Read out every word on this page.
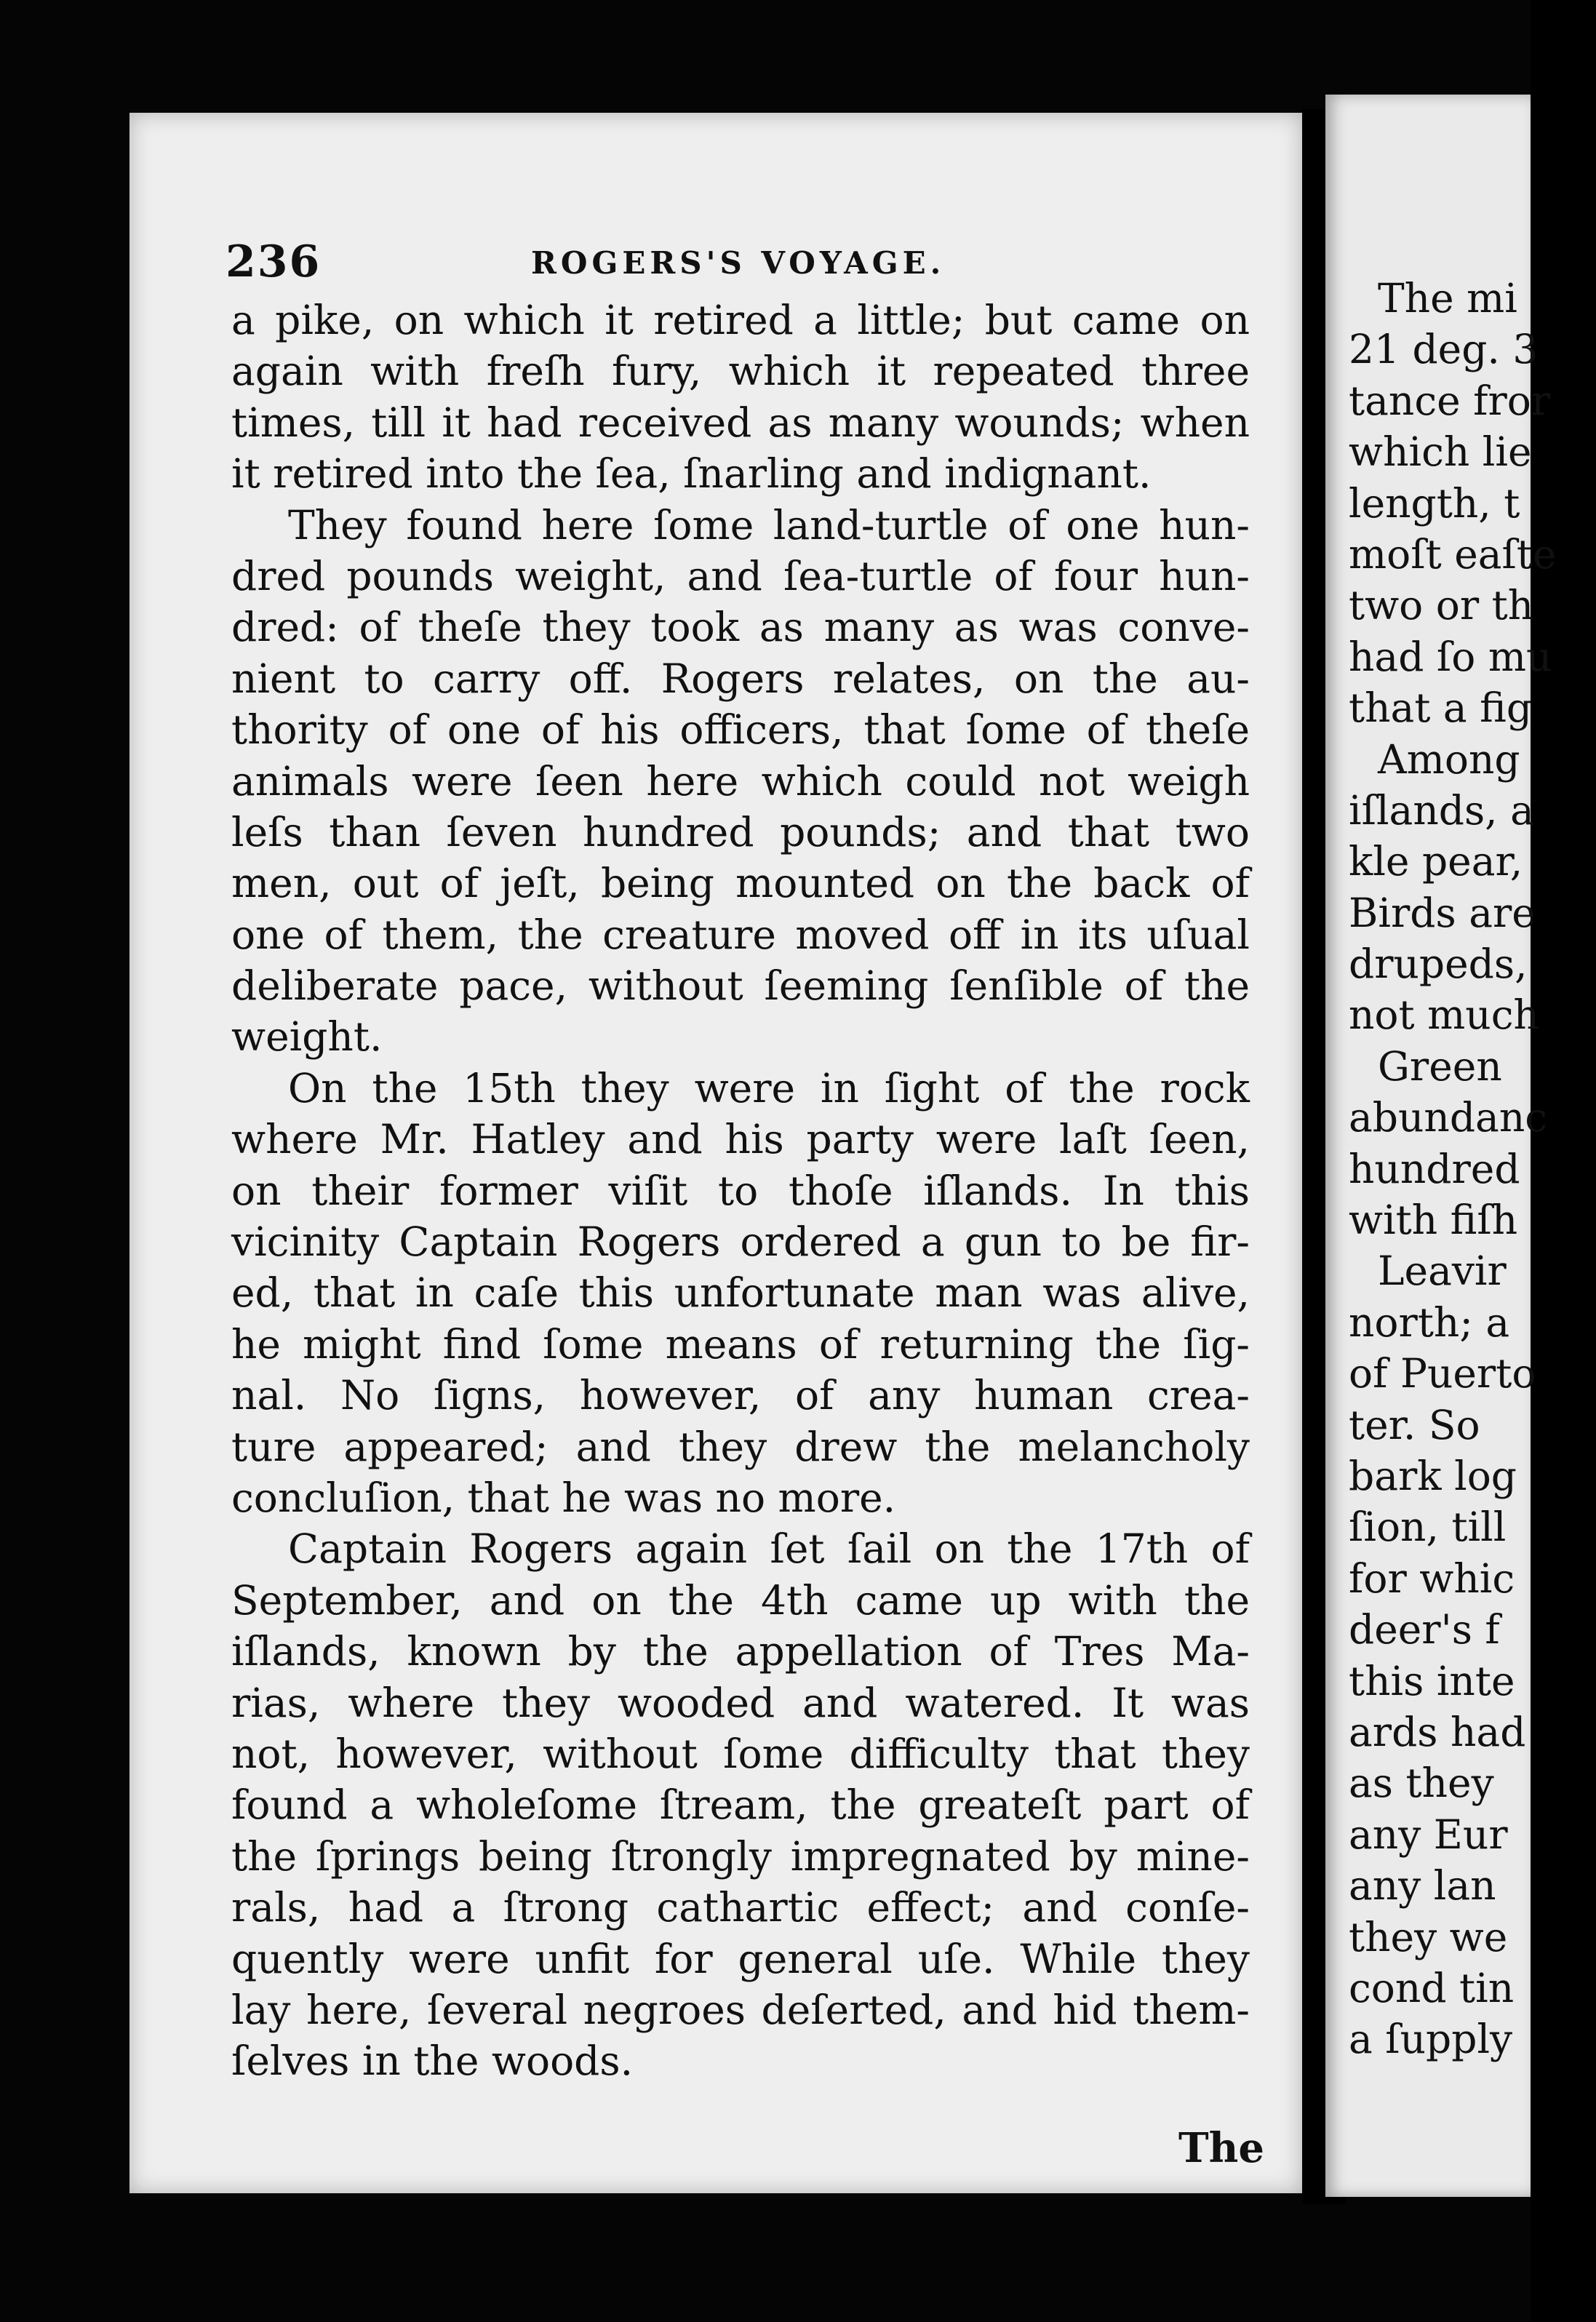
The mi
21 deg. 3
tance fror
which lie
length, t
moſt eaſte
two or th
had ſo mu
that a fig
Among
iſlands, a
kle pear,
Birds are
drupeds,
not much
Green
abundanc
hundred
with fiſh
Leavir
north; a
of Puerto
ter. So
bark log
ſion, till
for whic
deer's f
this inte
ards had
as they
any Eur
any lan
they we
cond tin
a ſupply
236	ROGERS'S VOYAGE.
a pike, on which it retired a little; but came on
again with freſh fury, which it repeated three
times, till it had received as many wounds; when
it retired into the ſea, ſnarling and indignant.
They found here ſome land-turtle of one hun-
dred pounds weight, and ſea-turtle of four hun-
dred: of theſe they took as many as was conve-
nient to carry off. Rogers relates, on the au-
thority of one of his officers, that ſome of theſe
animals were ſeen here which could not weigh
leſs than ſeven hundred pounds; and that two
men, out of jeſt, being mounted on the back of
one of them, the creature moved off in its uſual
deliberate pace, without ſeeming ſenſible of the
weight.
On the 15th they were in ſight of the rock
where Mr. Hatley and his party were laſt ſeen,
on their former viſit to thoſe iſlands. In this
vicinity Captain Rogers ordered a gun to be fir-
ed, that in caſe this unfortunate man was alive,
he might find ſome means of returning the ſig-
nal. No ſigns, however, of any human crea-
ture appeared; and they drew the melancholy
concluſion, that he was no more.
Captain Rogers again ſet ſail on the 17th of
September, and on the 4th came up with the
iſlands, known by the appellation of Tres Ma-
rias, where they wooded and watered. It was
not, however, without ſome difficulty that they
found a wholeſome ſtream, the greateſt part of
the ſprings being ſtrongly impregnated by mine-
rals, had a ſtrong cathartic effect; and conſe-
quently were unfit for general uſe. While they
lay here, ſeveral negroes deſerted, and hid them-
ſelves in the woods.
The
